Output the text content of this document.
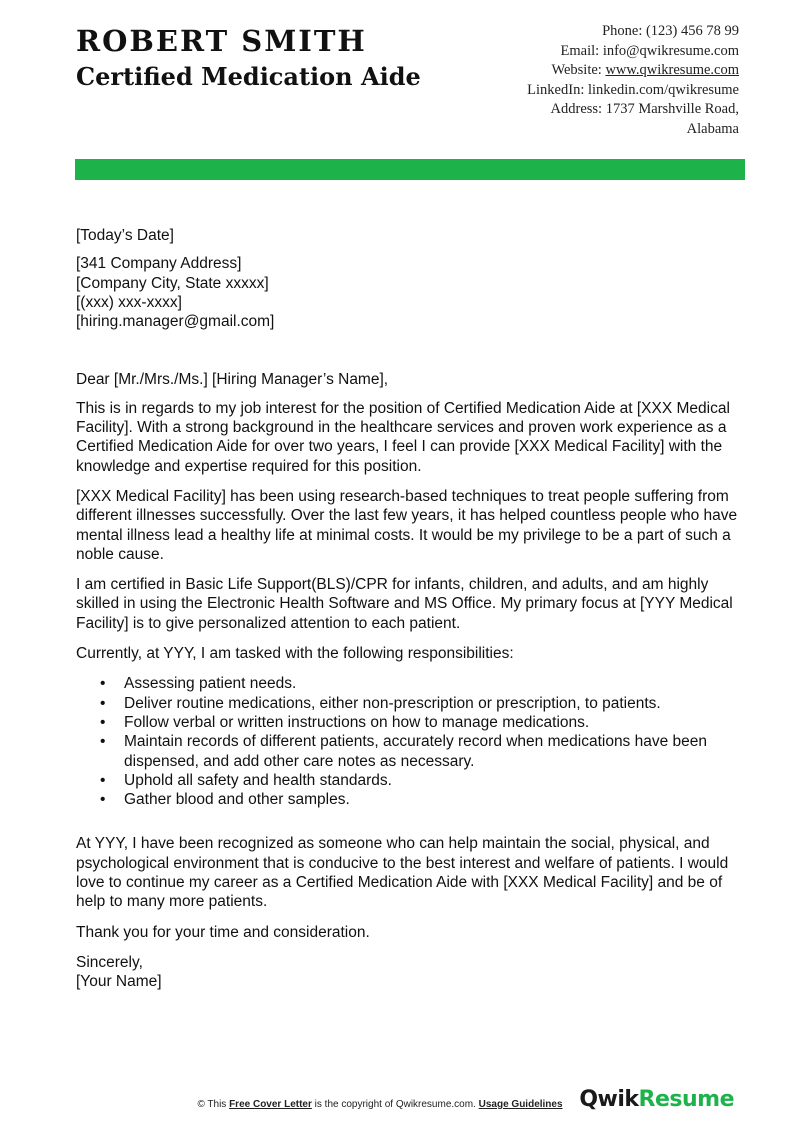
ROBERT SMITH
Certified Medication Aide
Phone: (123) 456 78 99
Email: info@qwikresume.com
Website: www.qwikresume.com
LinkedIn: linkedin.com/qwikresume
Address: 1737 Marshville Road,
Alabama

[Today’s Date]

[341 Company Address]

[Company City, State xxxxx]

[(xxx) xxx-xxxx]

[hiring.manager@gmail.com]

Dear [Mr./Mrs./Ms.] [Hiring Manager’s Name],

This is in regards to my job interest for the position of Certified Medication Aide at [XXX Medical Facility]. With a strong background in the healthcare services and proven work experience as a Certified Medication Aide for over two years, I feel I can provide [XXX Medical Facility] with the knowledge and expertise required for this position.

[XXX Medical Facility] has been using research-based techniques to treat people suffering from different illnesses successfully. Over the last few years, it has helped countless people who have mental illness lead a healthy life at minimal costs. It would be my privilege to be a part of such a noble cause.

I am certified in Basic Life Support(BLS)/CPR for infants, children, and adults, and am highly skilled in using the Electronic Health Software and MS Office. My primary focus at [YYY Medical Facility] is to give personalized attention to each patient.

Currently, at YYY, I am tasked with the following responsibilities:

• Assessing patient needs.
• Deliver routine medications, either non-prescription or prescription, to patients.
• Follow verbal or written instructions on how to manage medications.
• Maintain records of different patients, accurately record when medications have been dispensed, and add other care notes as necessary.
• Uphold all safety and health standards.
• Gather blood and other samples.

At YYY, I have been recognized as someone who can help maintain the social, physical, and psychological environment that is conducive to the best interest and welfare of patients. I would love to continue my career as a Certified Medication Aide with [XXX Medical Facility] and be of help to many more patients.

Thank you for your time and consideration.

Sincerely,

[Your Name]

© This Free Cover Letter is the copyright of Qwikresume.com. Usage Guidelines QwikResume
